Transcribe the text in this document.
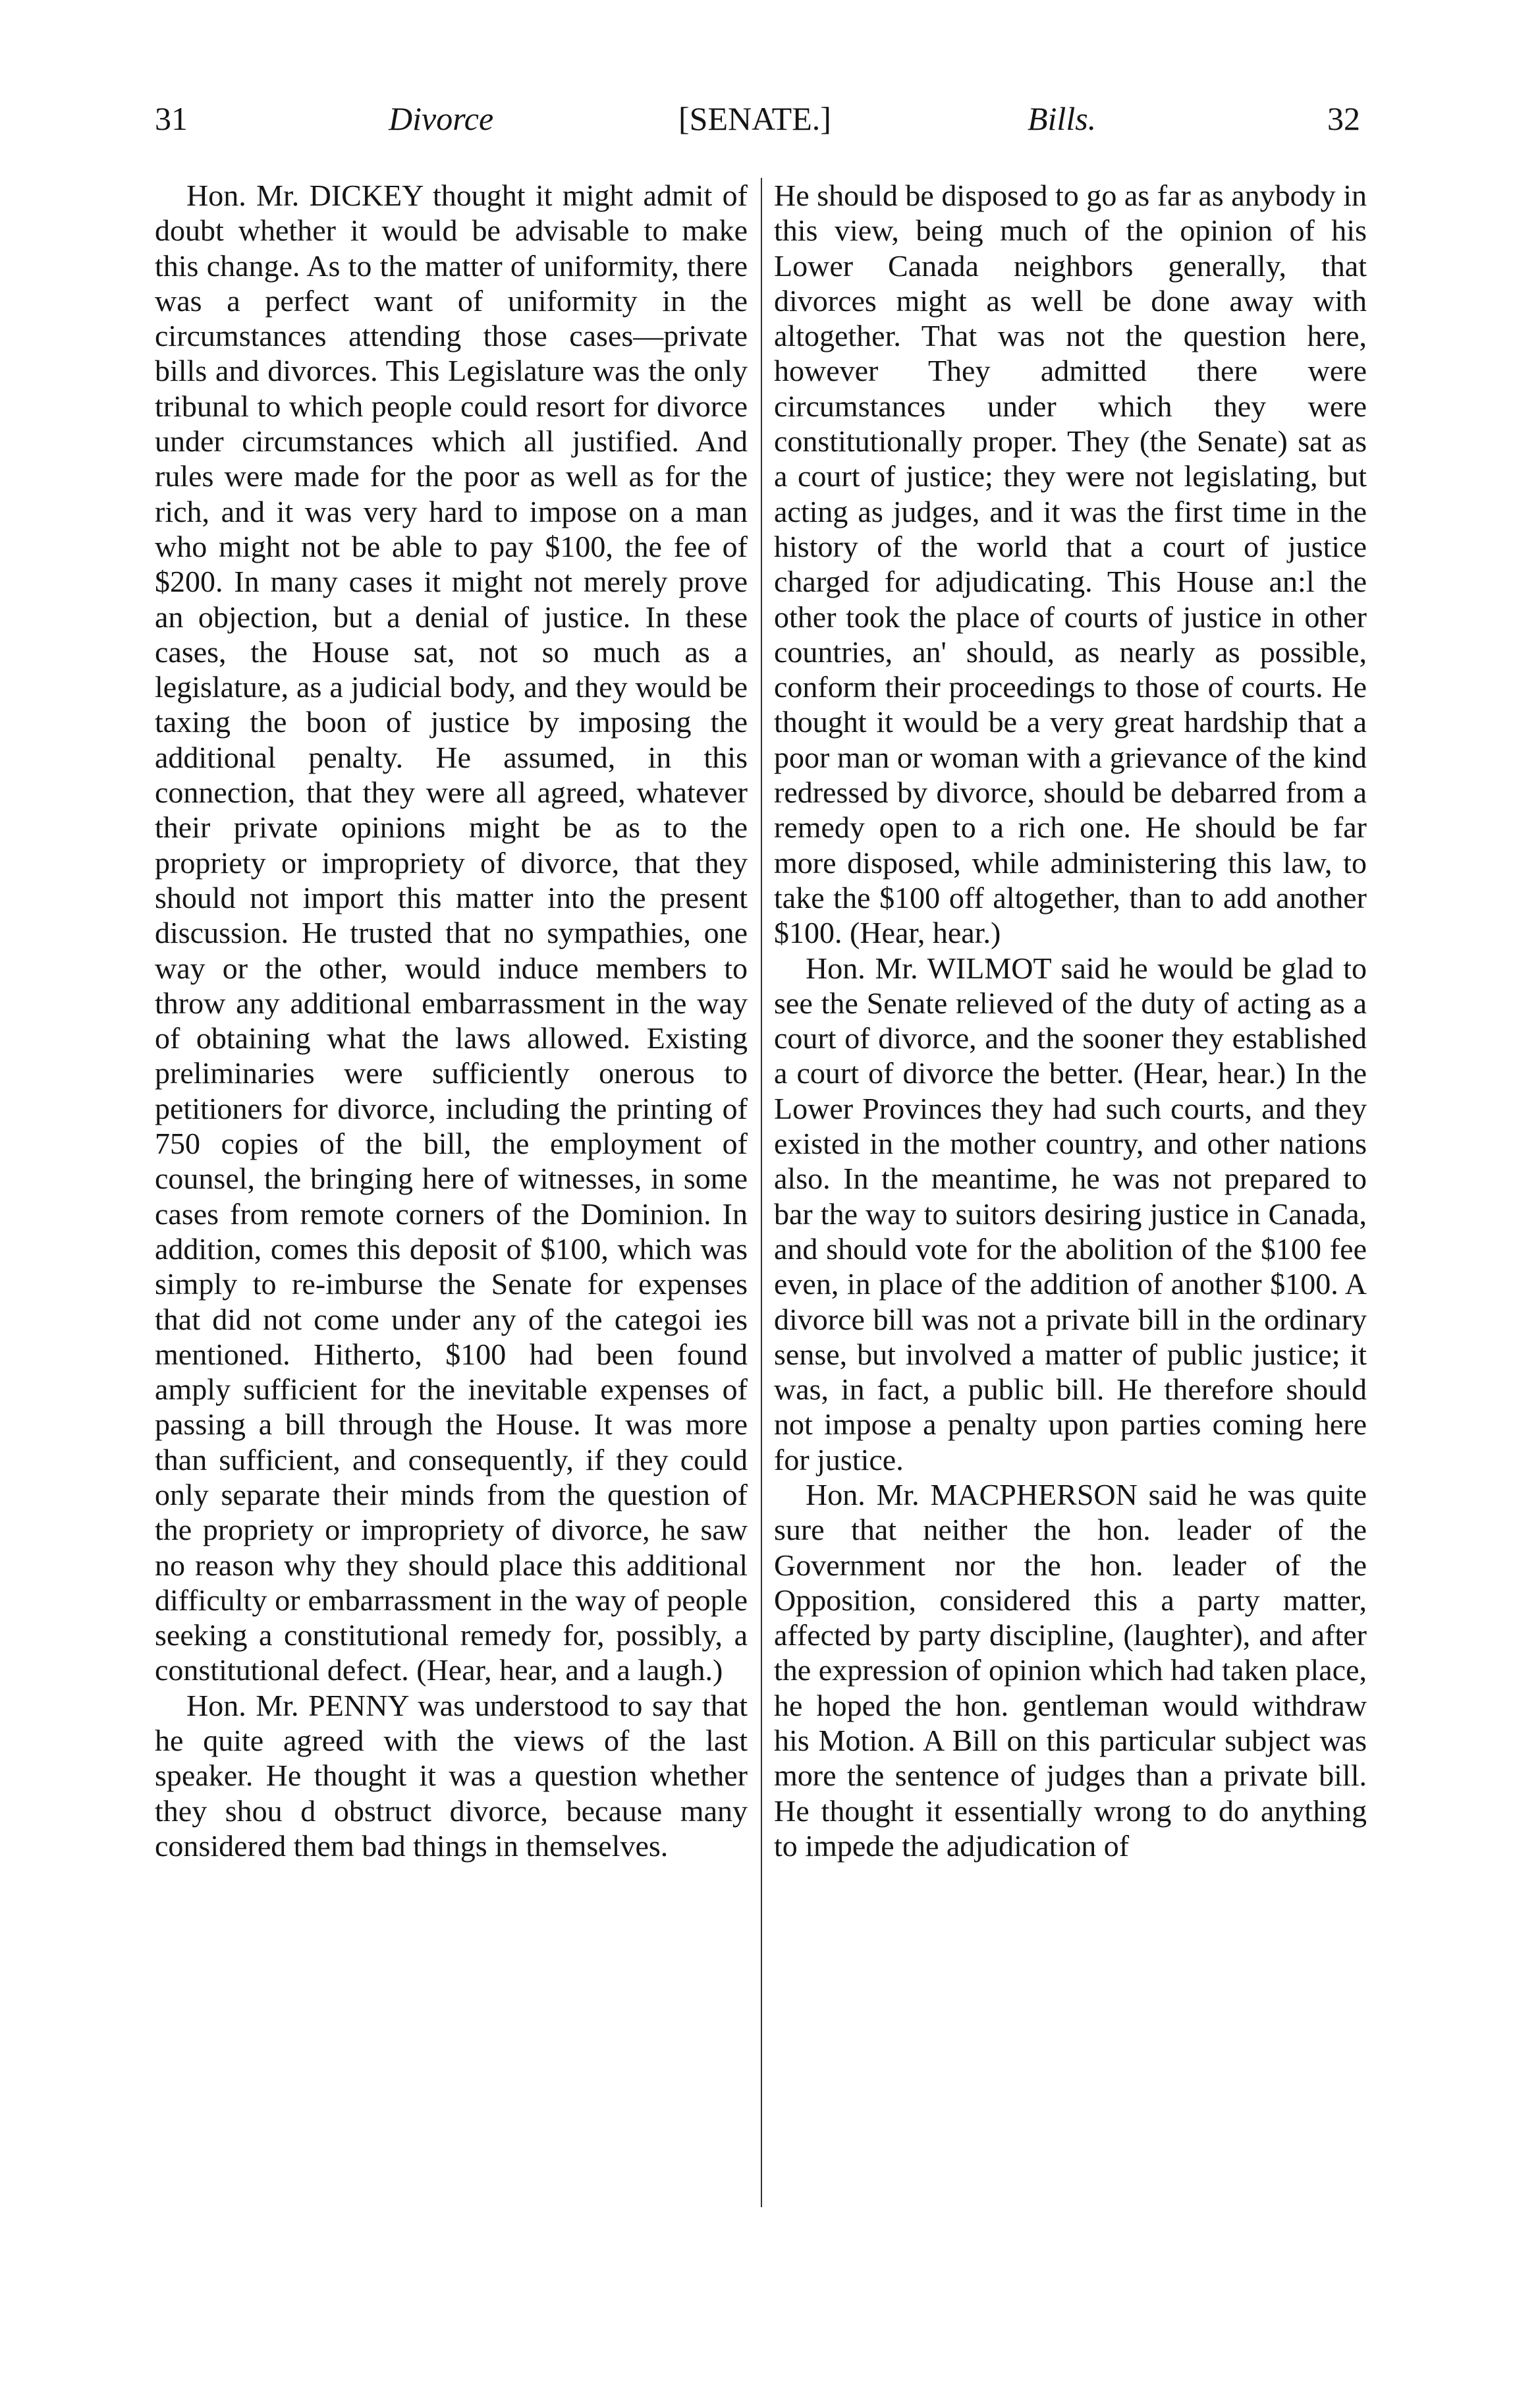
31	Divorce	[SENATE.]	Bills.	32

Hon. Mr. DICKEY thought it might admit of doubt whether it would be advisable to make this change. As to the matter of uniformity, there was a perfect want of uniformity in the circumstances attending those cases—private bills and divorces. This Legislature was the only tribunal to which people could resort for divorce under circumstances which all justified. And rules were made for the poor as well as for the rich, and it was very hard to impose on a man who might not be able to pay $100, the fee of $200. In many cases it might not merely prove an objection, but a denial of justice. In these cases, the House sat, not so much as a legislature, as a judicial body, and they would be taxing the boon of justice by imposing the additional penalty. He assumed, in this connection, that they were all agreed, whatever their private opinions might be as to the propriety or impropriety of divorce, that they should not import this matter into the present discussion. He trusted that no sympathies, one way or the other, would induce members to throw any additional embarrassment in the way of obtaining what the laws allowed. Existing preliminaries were sufficiently onerous to petitioners for divorce, including the printing of 750 copies of the bill, the employment of counsel, the bringing here of witnesses, in some cases from remote corners of the Dominion. In addition, comes this deposit of $100, which was simply to re-imburse the Senate for expenses that did not come under any of the categoi ies mentioned. Hitherto, $100 had been found amply sufficient for the inevitable expenses of passing a bill through the House. It was more than sufficient, and consequently, if they could only separate their minds from the question of the propriety or impropriety of divorce, he saw no reason why they should place this additional difficulty or embarrassment in the way of people seeking a constitutional remedy for, possibly, a constitutional defect. (Hear, hear, and a laugh.)

Hon. Mr. PENNY was understood to say that he quite agreed with the views of the last speaker. He thought it was a question whether they shou d obstruct divorce, because many considered them bad things in themselves.

He should be disposed to go as far as anybody in this view, being much of the opinion of his Lower Canada neighbors generally, that divorces might as well be done away with altogether. That was not the question here, however They admitted there were circumstances under which they were constitutionally proper. They (the Senate) sat as a court of justice; they were not legislating, but acting as judges, and it was the first time in the history of the world that a court of justice charged for adjudicating. This House an:l the other took the place of courts of justice in other countries, an' should, as nearly as possible, conform their proceedings to those of courts. He thought it would be a very great hardship that a poor man or woman with a grievance of the kind redressed by divorce, should be debarred from a remedy open to a rich one. He should be far more disposed, while administering this law, to take the $100 off altogether, than to add another $100. (Hear, hear.)

Hon. Mr. WILMOT said he would be glad to see the Senate relieved of the duty of acting as a court of divorce, and the sooner they established a court of divorce the better. (Hear, hear.) In the Lower Provinces they had such courts, and they existed in the mother country, and other nations also. In the meantime, he was not prepared to bar the way to suitors desiring justice in Canada, and should vote for the abolition of the $100 fee even, in place of the addition of another $100. A divorce bill was not a private bill in the ordinary sense, but involved a matter of public justice; it was, in fact, a public bill. He therefore should not impose a penalty upon parties coming here for justice.

Hon. Mr. MACPHERSON said he was quite sure that neither the hon. leader of the Government nor the hon. leader of the Opposition, considered this a party matter, affected by party discipline, (laughter), and after the expression of opinion which had taken place, he hoped the hon. gentleman would withdraw his Motion. A Bill on this particular subject was more the sentence of judges than a private bill. He thought it essentially wrong to do anything to impede the adjudication of
